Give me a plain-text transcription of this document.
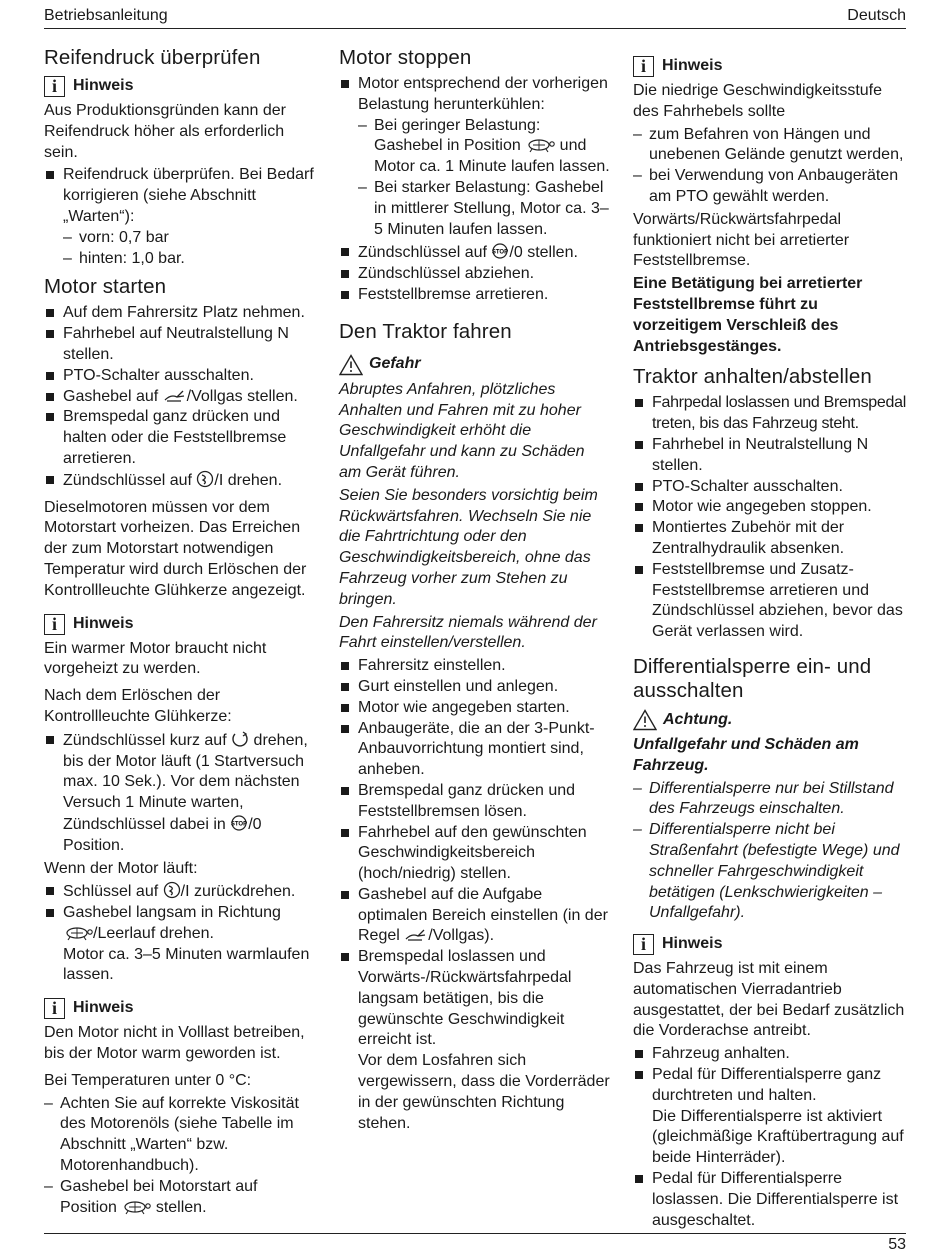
Betriebsanleitung	Deutsch
Reifendruck überprüfen
i	Hinweis

Aus Produktionsgründen kann der Reifendruck höher als erforderlich sein.

Reifendruck überprüfen. Bei Bedarf korrigieren (siehe Abschnitt „Warten“):
– vorn: 0,7 bar
– hinten: 1,0 bar.
Motor starten
Auf dem Fahrersitz Platz nehmen.
Fahrhebel auf Neutralstellung N stellen.
PTO-Schalter ausschalten.
Gashebel auf /Vollgas stellen.
Bremspedal ganz drücken und halten oder die Feststellbremse arretieren.
Zündschlüssel auf /I drehen.

Dieselmotoren müssen vor dem Motorstart vorheizen. Das Erreichen der zum Motorstart notwendigen Temperatur wird durch Erlöschen der Kontrollleuchte Glühkerze angezeigt.

i	Hinweis

Ein warmer Motor braucht nicht vorgeheizt zu werden.

Nach dem Erlöschen der Kontrollleuchte Glühkerze:

Zündschlüssel kurz auf drehen, bis der Motor läuft (1 Startversuch max. 10 Sek.). Vor dem nächsten Versuch 1 Minute warten, Zündschlüssel dabei in STOP /0 Position.

Wenn der Motor läuft:

Schlüssel auf /I zurückdrehen.
Gashebel langsam in Richtung
/Leerlauf drehen.
Motor ca. 3–5 Minuten warmlaufen lassen.
i	Hinweis

Den Motor nicht in Volllast betreiben, bis der Motor warm geworden ist.

Bei Temperaturen unter 0 °C:

– Achten Sie auf korrekte Viskosität des Motorenöls (siehe Tabelle im Abschnitt „Warten“ bzw. Motorenhandbuch).
– Gashebel bei Motorstart auf Position stellen.
Motor stoppen
Motor entsprechend der vorherigen Belastung herunterkühlen:
– Bei geringer Belastung: Gashebel in Position und Motor ca. 1 Minute laufen lassen.
– Bei starker Belastung: Gashebel in mittlerer Stellung, Motor ca. 3–5 Minuten laufen lassen.
Zündschlüssel auf STOP /0 stellen.
Zündschlüssel abziehen.
Feststellbremse arretieren.
Den Traktor fahren
Gefahr

Abruptes Anfahren, plötzliches Anhalten und Fahren mit zu hoher Geschwindigkeit erhöht die Unfallgefahr und kann zu Schäden am Gerät führen.

Seien Sie besonders vorsichtig beim Rückwärtsfahren. Wechseln Sie nie die Fahrtrichtung oder den Geschwindigkeitsbereich, ohne das Fahrzeug vorher zum Stehen zu bringen.

Den Fahrersitz niemals während der Fahrt einstellen/verstellen.

Fahrersitz einstellen.
Gurt einstellen und anlegen.
Motor wie angegeben starten.
Anbaugeräte, die an der 3-Punkt-Anbauvorrichtung montiert sind, anheben.
Bremspedal ganz drücken und Feststellbremsen lösen.
Fahrhebel auf den gewünschten Geschwindigkeitsbereich (hoch/niedrig) stellen.
Gashebel auf die Aufgabe optimalen Bereich einstellen (in der Regel /Vollgas).
Bremspedal loslassen und Vorwärts-/Rückwärtsfahrpedal langsam betätigen, bis die gewünschte Geschwindigkeit erreicht ist.
Vor dem Losfahren sich vergewissern, dass die Vorderräder in der gewünschten Richtung stehen.
i	Hinweis

Die niedrige Geschwindigkeitsstufe des Fahrhebels sollte

– zum Befahren von Hängen und unebenen Gelände genutzt werden,
– bei Verwendung von Anbaugeräten am PTO gewählt werden.

Vorwärts/Rückwärtsfahrpedal funktioniert nicht bei arretierter Feststellbremse.

Eine Betätigung bei arretierter Feststellbremse führt zu vorzeitigem Verschleiß des Antriebsgestänges.

Traktor anhalten/abstellen
Fahrpedal loslassen und Bremspedal treten, bis das Fahrzeug steht.
Fahrhebel in Neutralstellung N stellen.
PTO-Schalter ausschalten.
Motor wie angegeben stoppen.
Montiertes Zubehör mit der Zentralhydraulik absenken.
Feststellbremse und Zusatz-Feststellbremse arretieren und Zündschlüssel abziehen, bevor das Gerät verlassen wird.
Differentialsperre ein- und ausschalten
Achtung.

Unfallgefahr und Schäden am Fahrzeug.

– Differentialsperre nur bei Stillstand des Fahrzeugs einschalten.
– Differentialsperre nicht bei Straßenfahrt (befestigte Wege) und schneller Fahrgeschwindigkeit betätigen (Lenkschwierigkeiten – Unfallgefahr).
i	Hinweis

Das Fahrzeug ist mit einem automatischen Vierradantrieb ausgestattet, der bei Bedarf zusätzlich die Vorderachse antreibt.

Fahrzeug anhalten.
Pedal für Differentialsperre ganz durchtreten und halten.
Die Differentialsperre ist aktiviert (gleichmäßige Kraftübertragung auf beide Hinterräder).
Pedal für Differentialsperre loslassen. Die Differentialsperre ist ausgeschaltet.
53
